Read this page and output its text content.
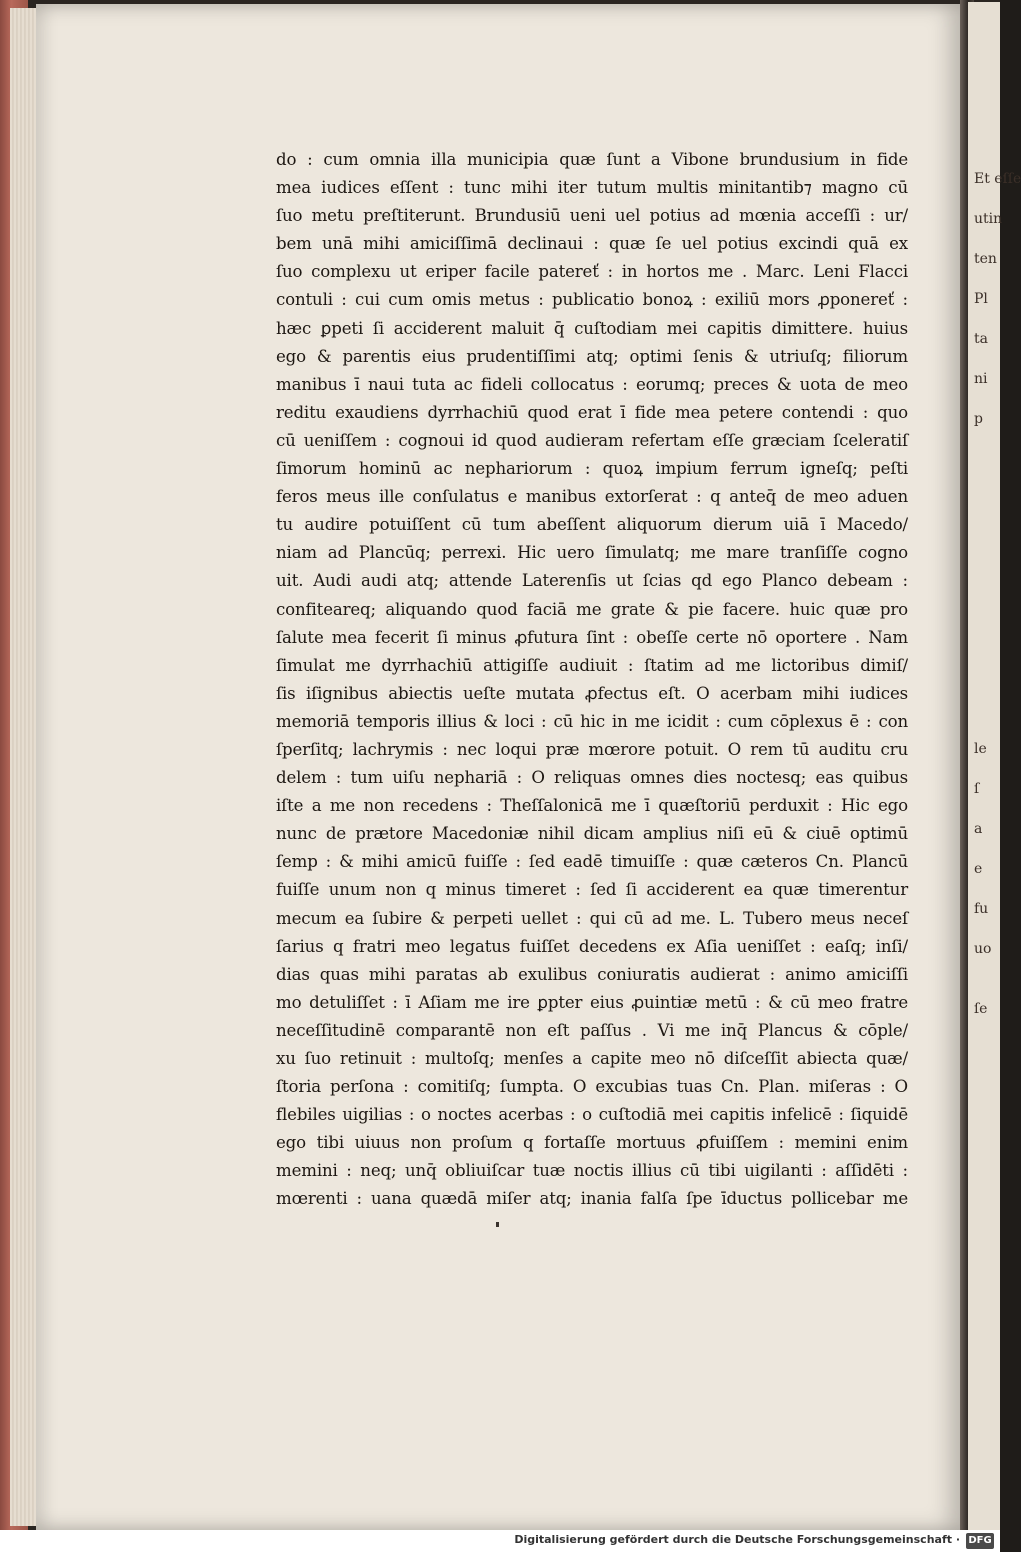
do : cum omnia illa municipia quæ ſunt a Vibone brundusium in fide
mea iudices eſſent : tunc mihi iter tutum multis minitantib⁊ magno cū
ſuo metu preſtiterunt. Brundusiū ueni uel potius ad mœnia acceſſi : ur/
bem unā mihi amiciſſimā declinaui : quæ ſe uel potius excindi quā ex
ſuo complexu ut eriper facile patereť : in hortos me . Marc. Leni Flacci
contuli : cui cum omis metus : publicatio bonoꝝ : exiliū mors ꝓponereť :
hæc ꝑpeti ſi acciderent maluit q̄ cuſtodiam mei capitis dimittere. huius
ego & parentis eius prudentiſſimi atq; optimi ſenis & utriuſq; filiorum
manibus ī naui tuta ac fideli collocatus : eorumq; preces & uota de meo
reditu exaudiens dyrrhachiū quod erat ī fide mea petere contendi : quo
cū ueniſſem : cognoui id quod audieram refertam eſſe græciam ſceleratiſ
ſimorum hominū ac nephariorum : quoꝝ impium ferrum igneſq; peſti
feros meus ille conſulatus e manibus extorſerat : q anteq̄ de meo aduen
tu audire potuiſſent cū tum abeſſent aliquorum dierum uiā ī Macedo/
niam ad Plancūq; perrexi. Hic uero ſimulatq; me mare tranſiſſe cogno
uit. Audi audi atq; attende Laterenſis ut ſcias qd ego Planco debeam :
confiteareq; aliquando quod faciā me grate & pie facere. huic quæ pro
ſalute mea fecerit ſi minus ꝓfutura ſint : obeſſe certe nō oportere . Nam
ſimulat me dyrrhachiū attigiſſe audiuit : ſtatim ad me lictoribus dimiſ/
ſis iſignibus abiectis ueſte mutata ꝓfectus eſt. O acerbam mihi iudices
memoriā temporis illius & loci : cū hic in me icidit : cum cōplexus ē : con
ſperſitq; lachrymis : nec loqui præ mœrore potuit. O rem tū auditu cru
delem : tum uiſu nephariā : O reliquas omnes dies noctesq; eas quibus
iſte a me non recedens : Theſſalonicā me ī quæſtoriū perduxit : Hic ego
nunc de prætore Macedoniæ nihil dicam amplius niſi eū & ciuē optimū
ſemp : & mihi amicū fuiſſe : ſed eadē timuiſſe : quæ cæteros Cn. Plancū
fuiſſe unum non q minus timeret : ſed ſi acciderent ea quæ timerentur
mecum ea ſubire & perpeti uellet : qui cū ad me. L. Tubero meus neceſ
ſarius q fratri meo legatus fuiſſet decedens ex Aſia ueniſſet : eaſq; inſi/
dias quas mihi paratas ab exulibus coniuratis audierat : animo amiciſſi
mo detuliſſet : ī Aſiam me ire ꝑpter eius ꝓuintiæ metū : & cū meo fratre
neceſſitudinē comparantē non eſt paſſus . Vi me inq̄ Plancus & cōple/
xu ſuo retinuit : multoſq; menſes a capite meo nō diſceſſit abiecta quæ/
ſtoria perſona : comitiſq; ſumpta. O excubias tuas Cn. Plan. miſeras : O
flebiles uigilias : o noctes acerbas : o cuſtodiā mei capitis infelicē : ſiquidē
ego tibi uiuus non proſum q fortaſſe mortuus ꝓfuiſſem : memini enim
memini : neq; unq̄ obliuiſcar tuæ noctis illius cū tibi uigilanti : aſſidēti :
mœrenti : uana quædā miſer atq; inania falſa ſpe īductus pollicebar me
Et eſſe
utin
ten
Pl
ta
ni
p
le
ſ
a
e
fu
uo
ſe
Digitalisierung gefördert durch die Deutsche Forschungsgemeinschaft · DFG
